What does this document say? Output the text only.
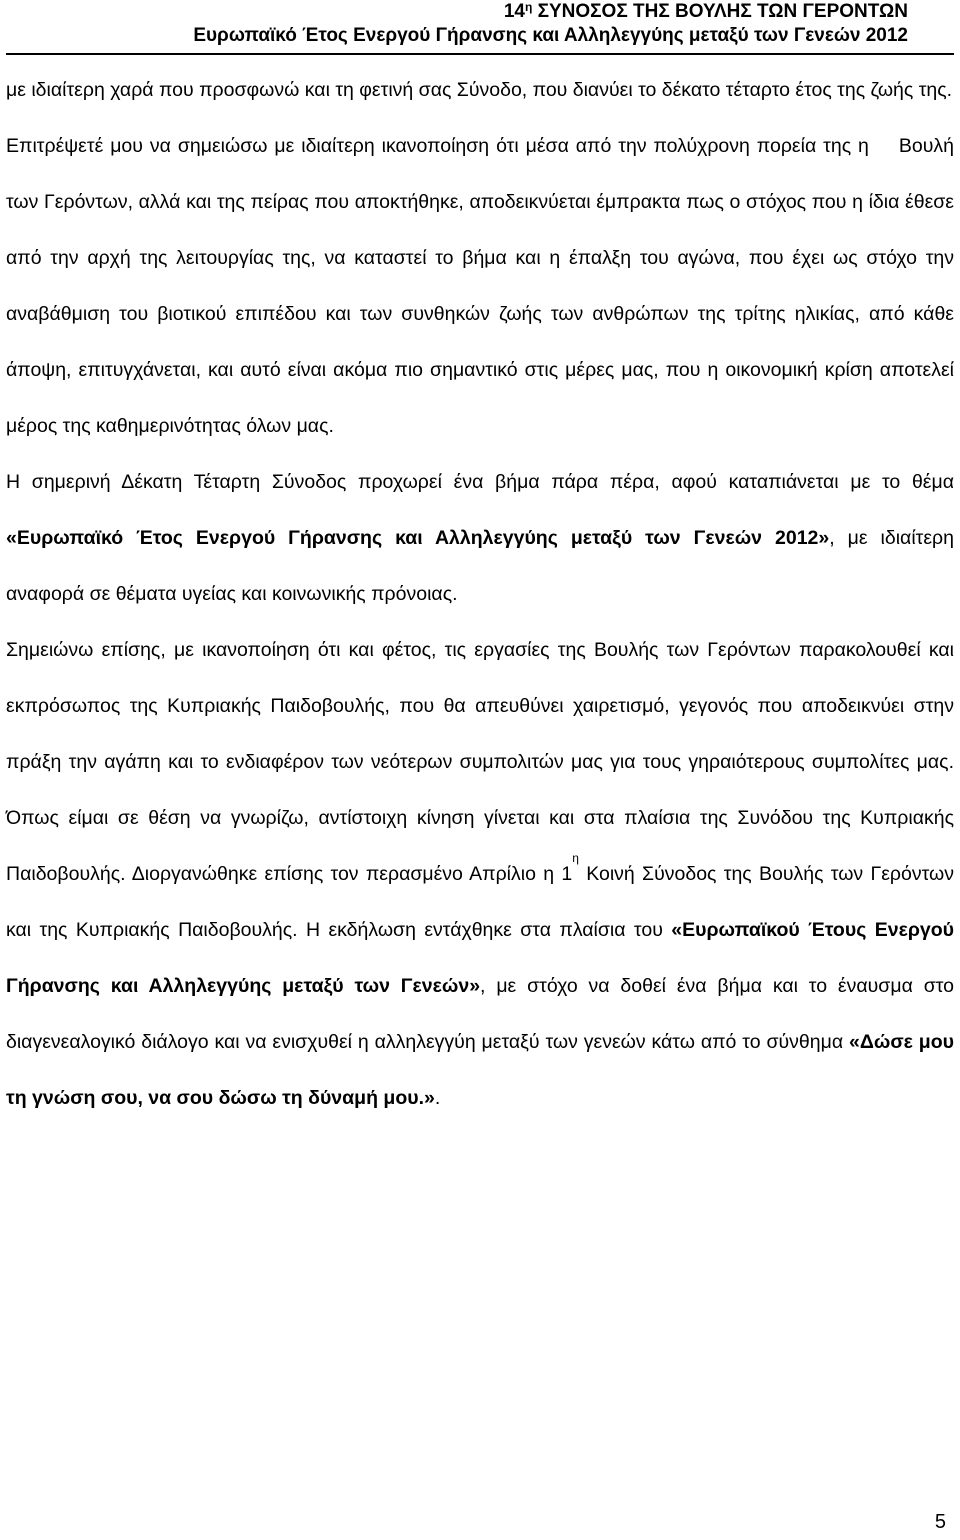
$14^\eta$ ΣΥΝΟΣΟΣ ΤΗΣ ΒΟΥΛΗΣ ΤΩΝ ΓΕΡΟΝΤΩΝ
Ευρωπαϊκό Έτος Ενεργού Γήρανσης και Αλληλεγγύης μεταξύ των Γενεών 2012

με ιδιαίτερη χαρά που προσφωνώ και τη φετινή σας Σύνοδο, που διανύει το δέκατο τέταρτο έτος της ζωής της.

Επιτρέψετέ μου να σημειώσω με ιδιαίτερη ικανοποίηση ότι μέσα από την πολύχρονη πορεία της η Βουλή των Γερόντων, αλλά και της πείρας που αποκτήθηκε, αποδεικνύεται έμπρακτα πως ο στόχος που η ίδια έθεσε από την αρχή της λειτουργίας της, να καταστεί το βήμα και η έπαλξη του αγώνα, που έχει ως στόχο την αναβάθμιση του βιοτικού επιπέδου και των συνθηκών ζωής των ανθρώπων της τρίτης ηλικίας, από κάθε άποψη, επιτυγχάνεται, και αυτό είναι ακόμα πιο σημαντικό στις μέρες μας, που η οικονομική κρίση αποτελεί μέρος της καθημερινότητας όλων μας.

Η σημερινή Δέκατη Τέταρτη Σύνοδος προχωρεί ένα βήμα πάρα πέρα, αφού καταπιάνεται με το θέμα «Ευρωπαϊκό Έτος Ενεργού Γήρανσης και Αλληλεγγύης μεταξύ των Γενεών 2012», με ιδιαίτερη αναφορά σε θέματα υγείας και κοινωνικής πρόνοιας.

Σημειώνω επίσης, με ικανοποίηση ότι και φέτος, τις εργασίες της Βουλής των Γερόντων παρακολουθεί και εκπρόσωπος της Κυπριακής Παιδοβουλής, που θα απευθύνει χαιρετισμό, γεγονός που αποδεικνύει στην πράξη την αγάπη και το ενδιαφέρον των νεότερων συμπολιτών μας για τους γηραιότερους συμπολίτες μας. Όπως είμαι σε θέση να γνωρίζω, αντίστοιχη κίνηση γίνεται και στα πλαίσια της Συνόδου της Κυπριακής Παιδοβουλής. Διοργανώθηκε επίσης τον περασμένο Απρίλιο η $1^\eta$ Κοινή Σύνοδος της Βουλής των Γερόντων και της Κυπριακής Παιδοβουλής. Η εκδήλωση εντάχθηκε στα πλαίσια του «Ευρωπαϊκού Έτους Ενεργού Γήρανσης και Αλληλεγγύης μεταξύ των Γενεών», με στόχο να δοθεί ένα βήμα και το έναυσμα στο διαγενεαλογικό διάλογο και να ενισχυθεί η αλληλεγγύη μεταξύ των γενεών κάτω από το σύνθημα «Δώσε μου τη γνώση σου, να σου δώσω τη δύναμή μου.».

5
